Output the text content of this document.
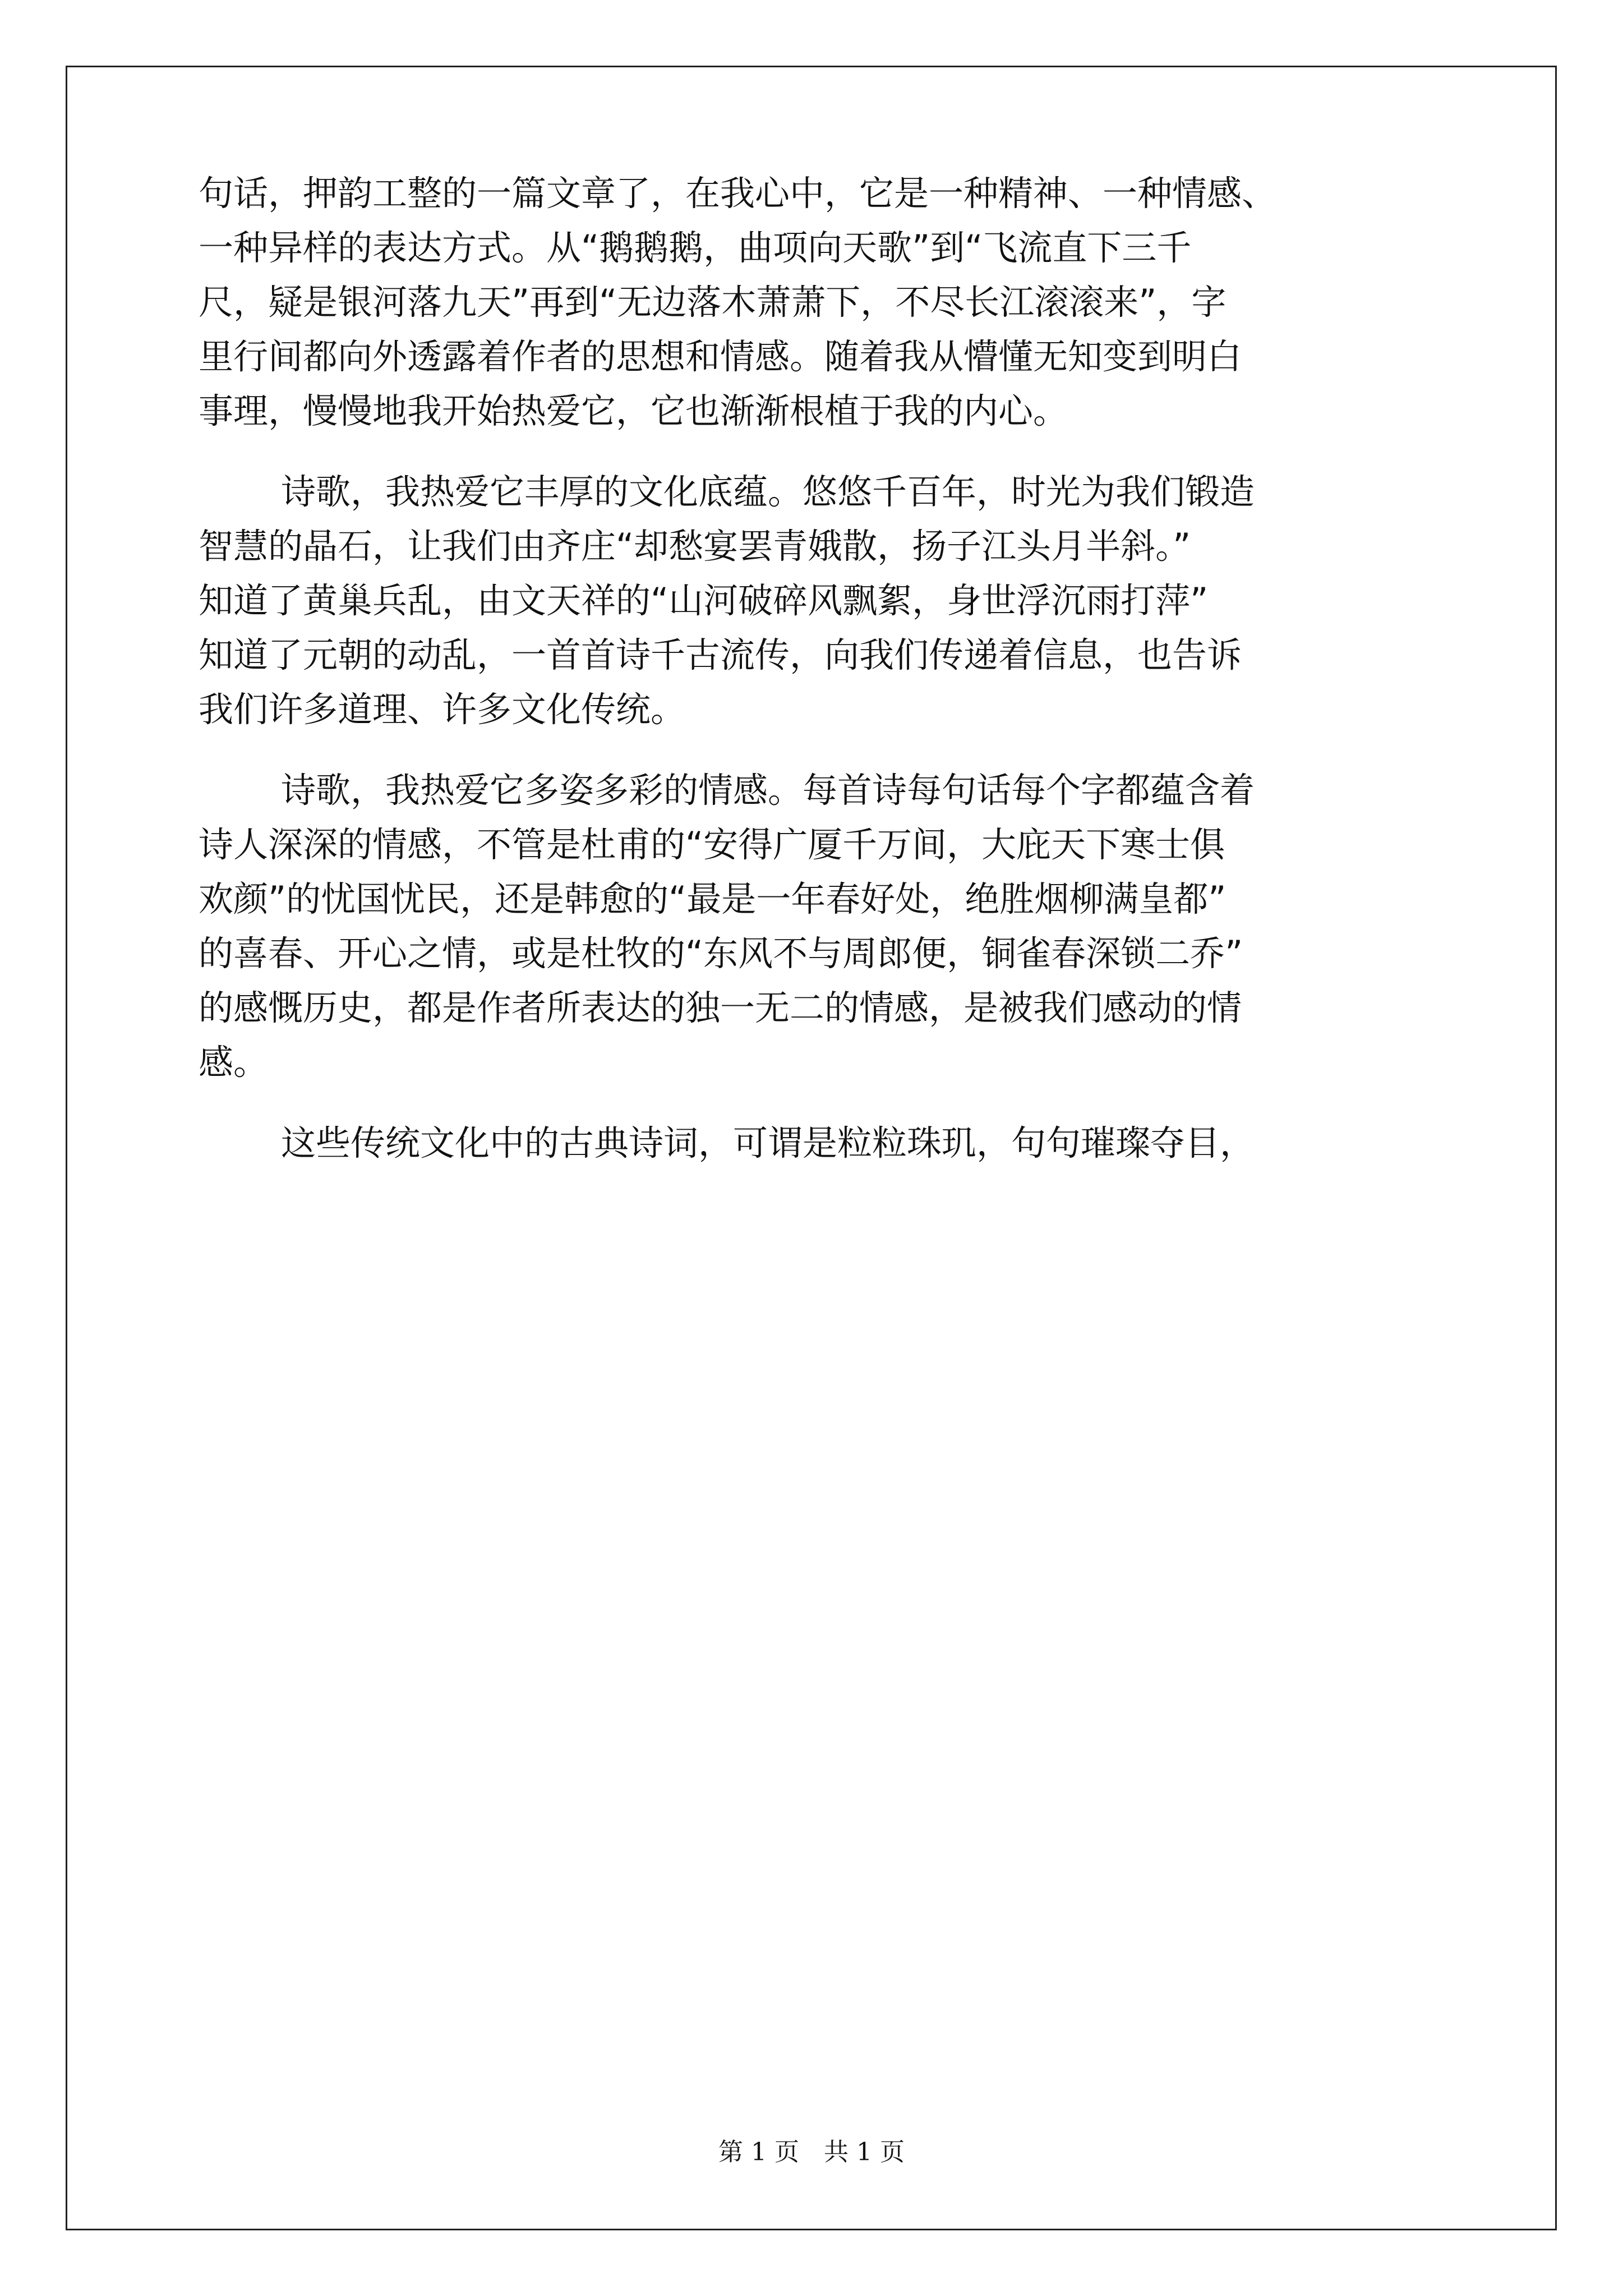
句话，押韵工整的一篇文章了，在我心中，它是一种精神、一种情感、
一种异样的表达方式。从“鹅鹅鹅，曲项向天歌”到“飞流直下三千
尺，疑是银河落九天”再到“无边落木萧萧下，不尽长江滚滚来”，字
里行间都向外透露着作者的思想和情感。随着我从懵懂无知变到明白
事理，慢慢地我开始热爱它，它也渐渐根植于我的内心。
诗歌，我热爱它丰厚的文化底蕴。悠悠千百年，时光为我们锻造
智慧的晶石，让我们由齐庄“却愁宴罢青娥散，扬子江头月半斜。”
知道了黄巢兵乱，由文天祥的“山河破碎风飘絮，身世浮沉雨打萍”
知道了元朝的动乱，一首首诗千古流传，向我们传递着信息，也告诉
我们许多道理、许多文化传统。
诗歌，我热爱它多姿多彩的情感。每首诗每句话每个字都蕴含着
诗人深深的情感，不管是杜甫的“安得广厦千万间，大庇天下寒士俱
欢颜”的忧国忧民，还是韩愈的“最是一年春好处，绝胜烟柳满皇都”
的喜春、开心之情，或是杜牧的“东风不与周郎便，铜雀春深锁二乔”
的感慨历史，都是作者所表达的独一无二的情感，是被我们感动的情
感。
这些传统文化中的古典诗词，可谓是粒粒珠玑，句句璀璨夺目，
第 1 页　共 1 页
